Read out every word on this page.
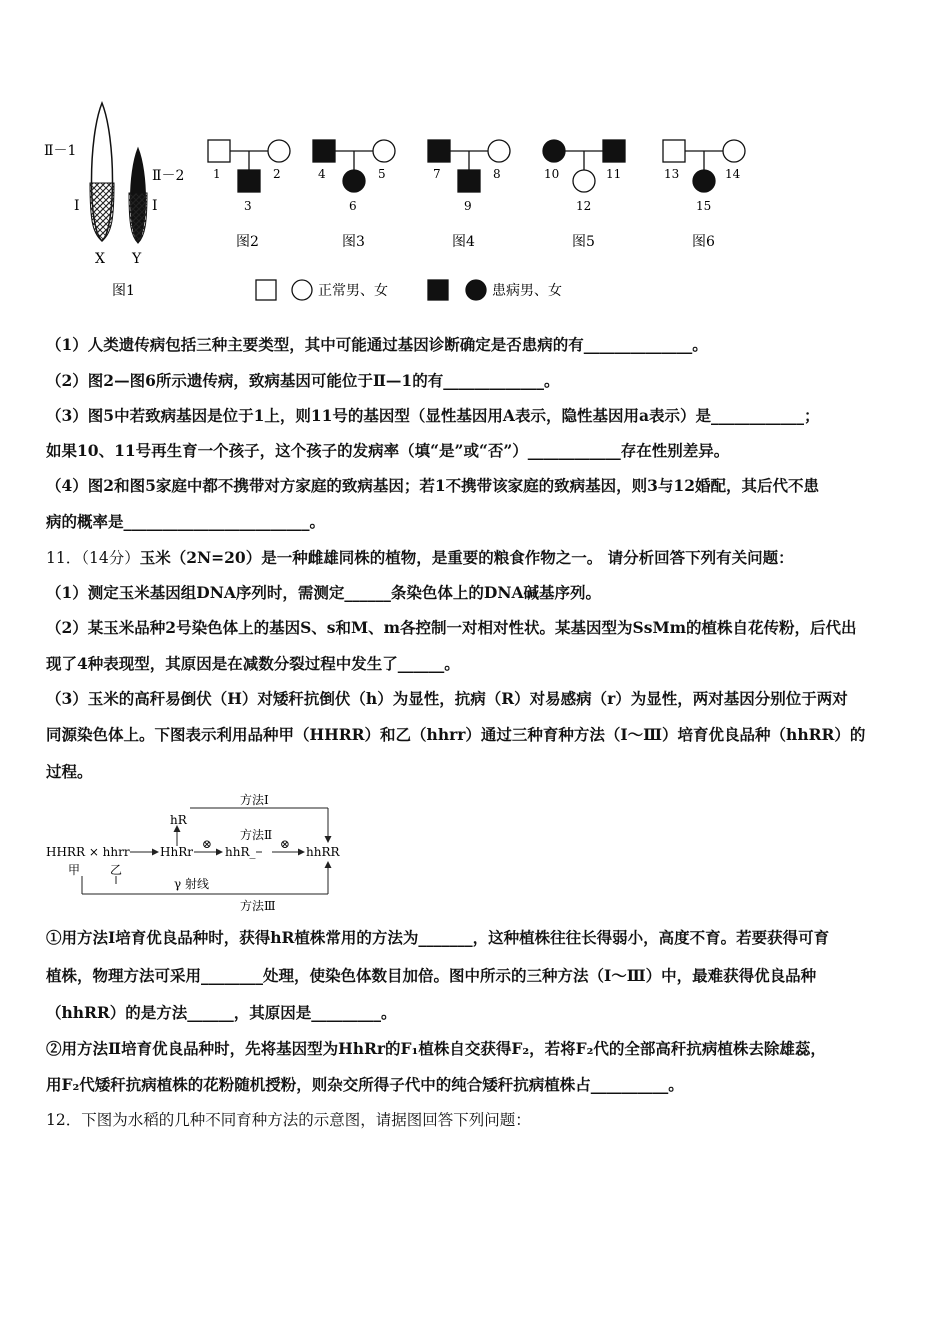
Ⅱ－1
Ⅱ－2
Ⅰ	Ⅰ
X Y
图1
1	2
3
图2
4	5
6
图3
7	8
9
图4
10	11
12
图5
13	14
15
图6
正常男、女	患病男、女
（1）人类遗传病包括三种主要类型，其中可能通过基因诊断确定是否患病的有______________。
（2）图2—图6所示遗传病，致病基因可能位于Ⅱ—1的有_____________。
（3）图5中若致病基因是位于1上，则11号的基因型（显性基因用A表示，隐性基因用a表示）是____________；
如果10、11号再生育一个孩子，这个孩子的发病率（填“是”或“否”）____________存在性别差异。
（4）图2和图5家庭中都不携带对方家庭的致病基因；若1不携带该家庭的致病基因，则3与12婚配，其后代不患
病的概率是________________________。
11．（14分）玉米（2N=20）是一种雌雄同株的植物，是重要的粮食作物之一。 请分析回答下列有关问题：
（1）测定玉米基因组DNA序列时，需测定______条染色体上的DNA碱基序列。
（2）某玉米品种2号染色体上的基因S、s和M、m各控制一对相对性状。某基因型为SsMm的植株自花传粉，后代出
现了4种表现型，其原因是在减数分裂过程中发生了______。
（3）玉米的高秆易倒伏（H）对矮秆抗倒伏（h）为显性，抗病（R）对易感病（r）为显性，两对基因分别位于两对
同源染色体上。下图表示利用品种甲（HHRR）和乙（hhrr）通过三种育种方法（Ⅰ～Ⅲ）培育优良品种（hhRR）的
过程。
方法Ⅰ
hR
方法Ⅱ
⊗	⊗
HHRR × hhrr	HhRr	hhR_	hhRR
甲 乙
γ 射线
方法Ⅲ
①用方法Ⅰ培育优良品种时，获得hR植株常用的方法为_______，这种植株往往长得弱小，高度不育。若要获得可育
植株，物理方法可采用________处理，使染色体数目加倍。图中所示的三种方法（Ⅰ～Ⅲ）中，最难获得优良品种
（hhRR）的是方法______，其原因是_________。
②用方法Ⅱ培育优良品种时，先将基因型为HhRr的F₁植株自交获得F₂，若将F₂代的全部高秆抗病植株去除雄蕊，
用F₂代矮秆抗病植株的花粉随机授粉，则杂交所得子代中的纯合矮秆抗病植株占__________。
12．下图为水稻的几种不同育种方法的示意图，请据图回答下列问题：
